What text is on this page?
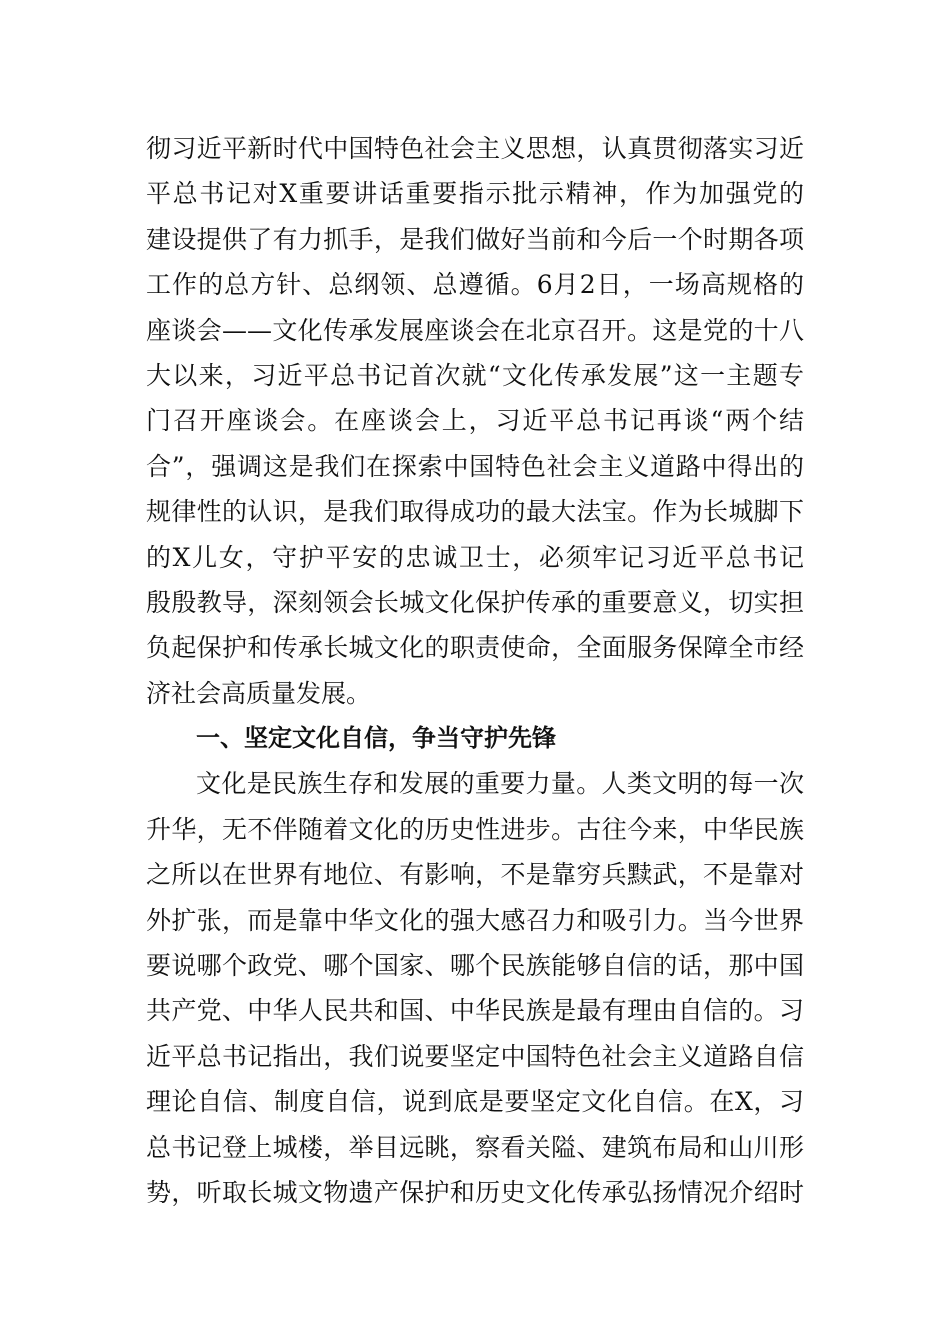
彻习近平新时代中国特色社会主义思想，认真贯彻落实习近
平总书记对X重要讲话重要指示批示精神，作为加强党的
建设提供了有力抓手，是我们做好当前和今后一个时期各项
工作的总方针、总纲领、总遵循。6月2日，一场高规格的
座谈会——文化传承发展座谈会在北京召开。这是党的十八
大以来，习近平总书记首次就“文化传承发展”这一主题专
门召开座谈会。在座谈会上，习近平总书记再谈“两个结
合”，强调这是我们在探索中国特色社会主义道路中得出的
规律性的认识，是我们取得成功的最大法宝。作为长城脚下
的X儿女，守护平安的忠诚卫士，必须牢记习近平总书记
殷殷教导，深刻领会长城文化保护传承的重要意义，切实担
负起保护和传承长城文化的职责使命，全面服务保障全市经
济社会高质量发展。
一、坚定文化自信，争当守护先锋
文化是民族生存和发展的重要力量。人类文明的每一次
升华，无不伴随着文化的历史性进步。古往今来，中华民族
之所以在世界有地位、有影响，不是靠穷兵黩武，不是靠对
外扩张，而是靠中华文化的强大感召力和吸引力。当今世界
要说哪个政党、哪个国家、哪个民族能够自信的话，那中国
共产党、中华人民共和国、中华民族是最有理由自信的。习
近平总书记指出，我们说要坚定中国特色社会主义道路自信
理论自信、制度自信，说到底是要坚定文化自信。在X，习
总书记登上城楼，举目远眺，察看关隘、建筑布局和山川形
势，听取长城文物遗产保护和历史文化传承弘扬情况介绍时
